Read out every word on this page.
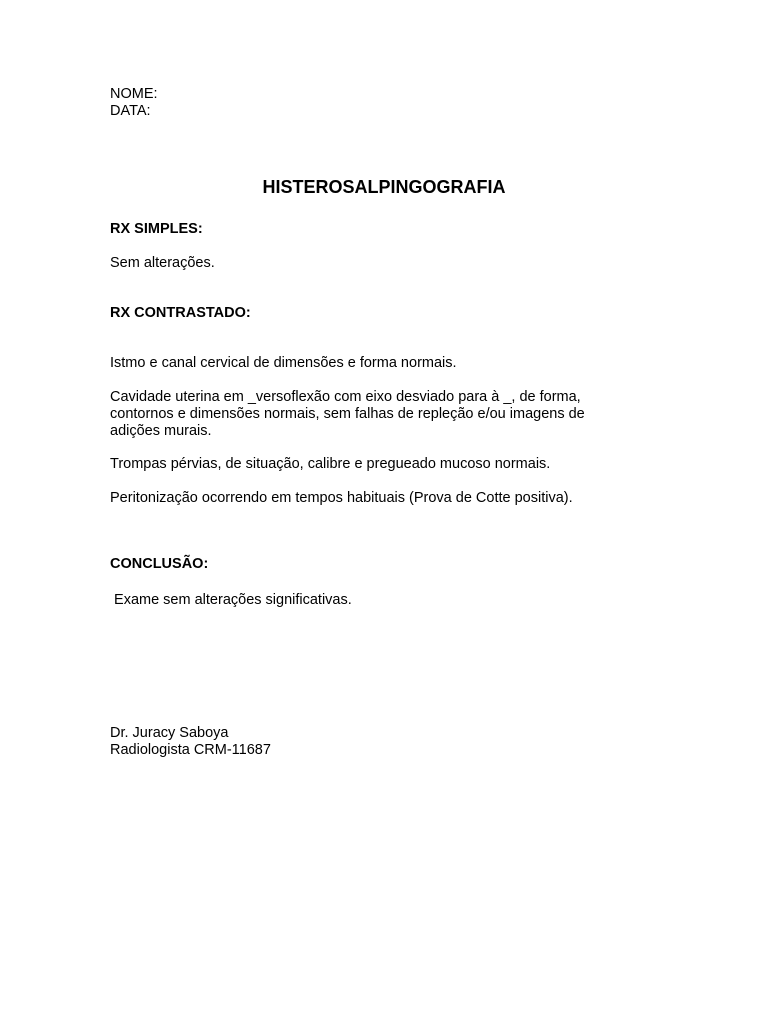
NOME:
DATA:
HISTEROSALPINGOGRAFIA
RX SIMPLES:
Sem alterações.
RX CONTRASTADO:
Istmo e canal cervical de dimensões e forma normais.
Cavidade uterina em _versoflexão com eixo desviado para à _, de forma, contornos e dimensões normais, sem falhas de repleção e/ou imagens de adições murais.
Trompas pérvias, de situação, calibre e pregueado mucoso normais.
Peritonização ocorrendo em tempos habituais (Prova de Cotte positiva).
CONCLUSÃO:
Exame sem alterações significativas.
Dr. Juracy Saboya
Radiologista CRM-11687
